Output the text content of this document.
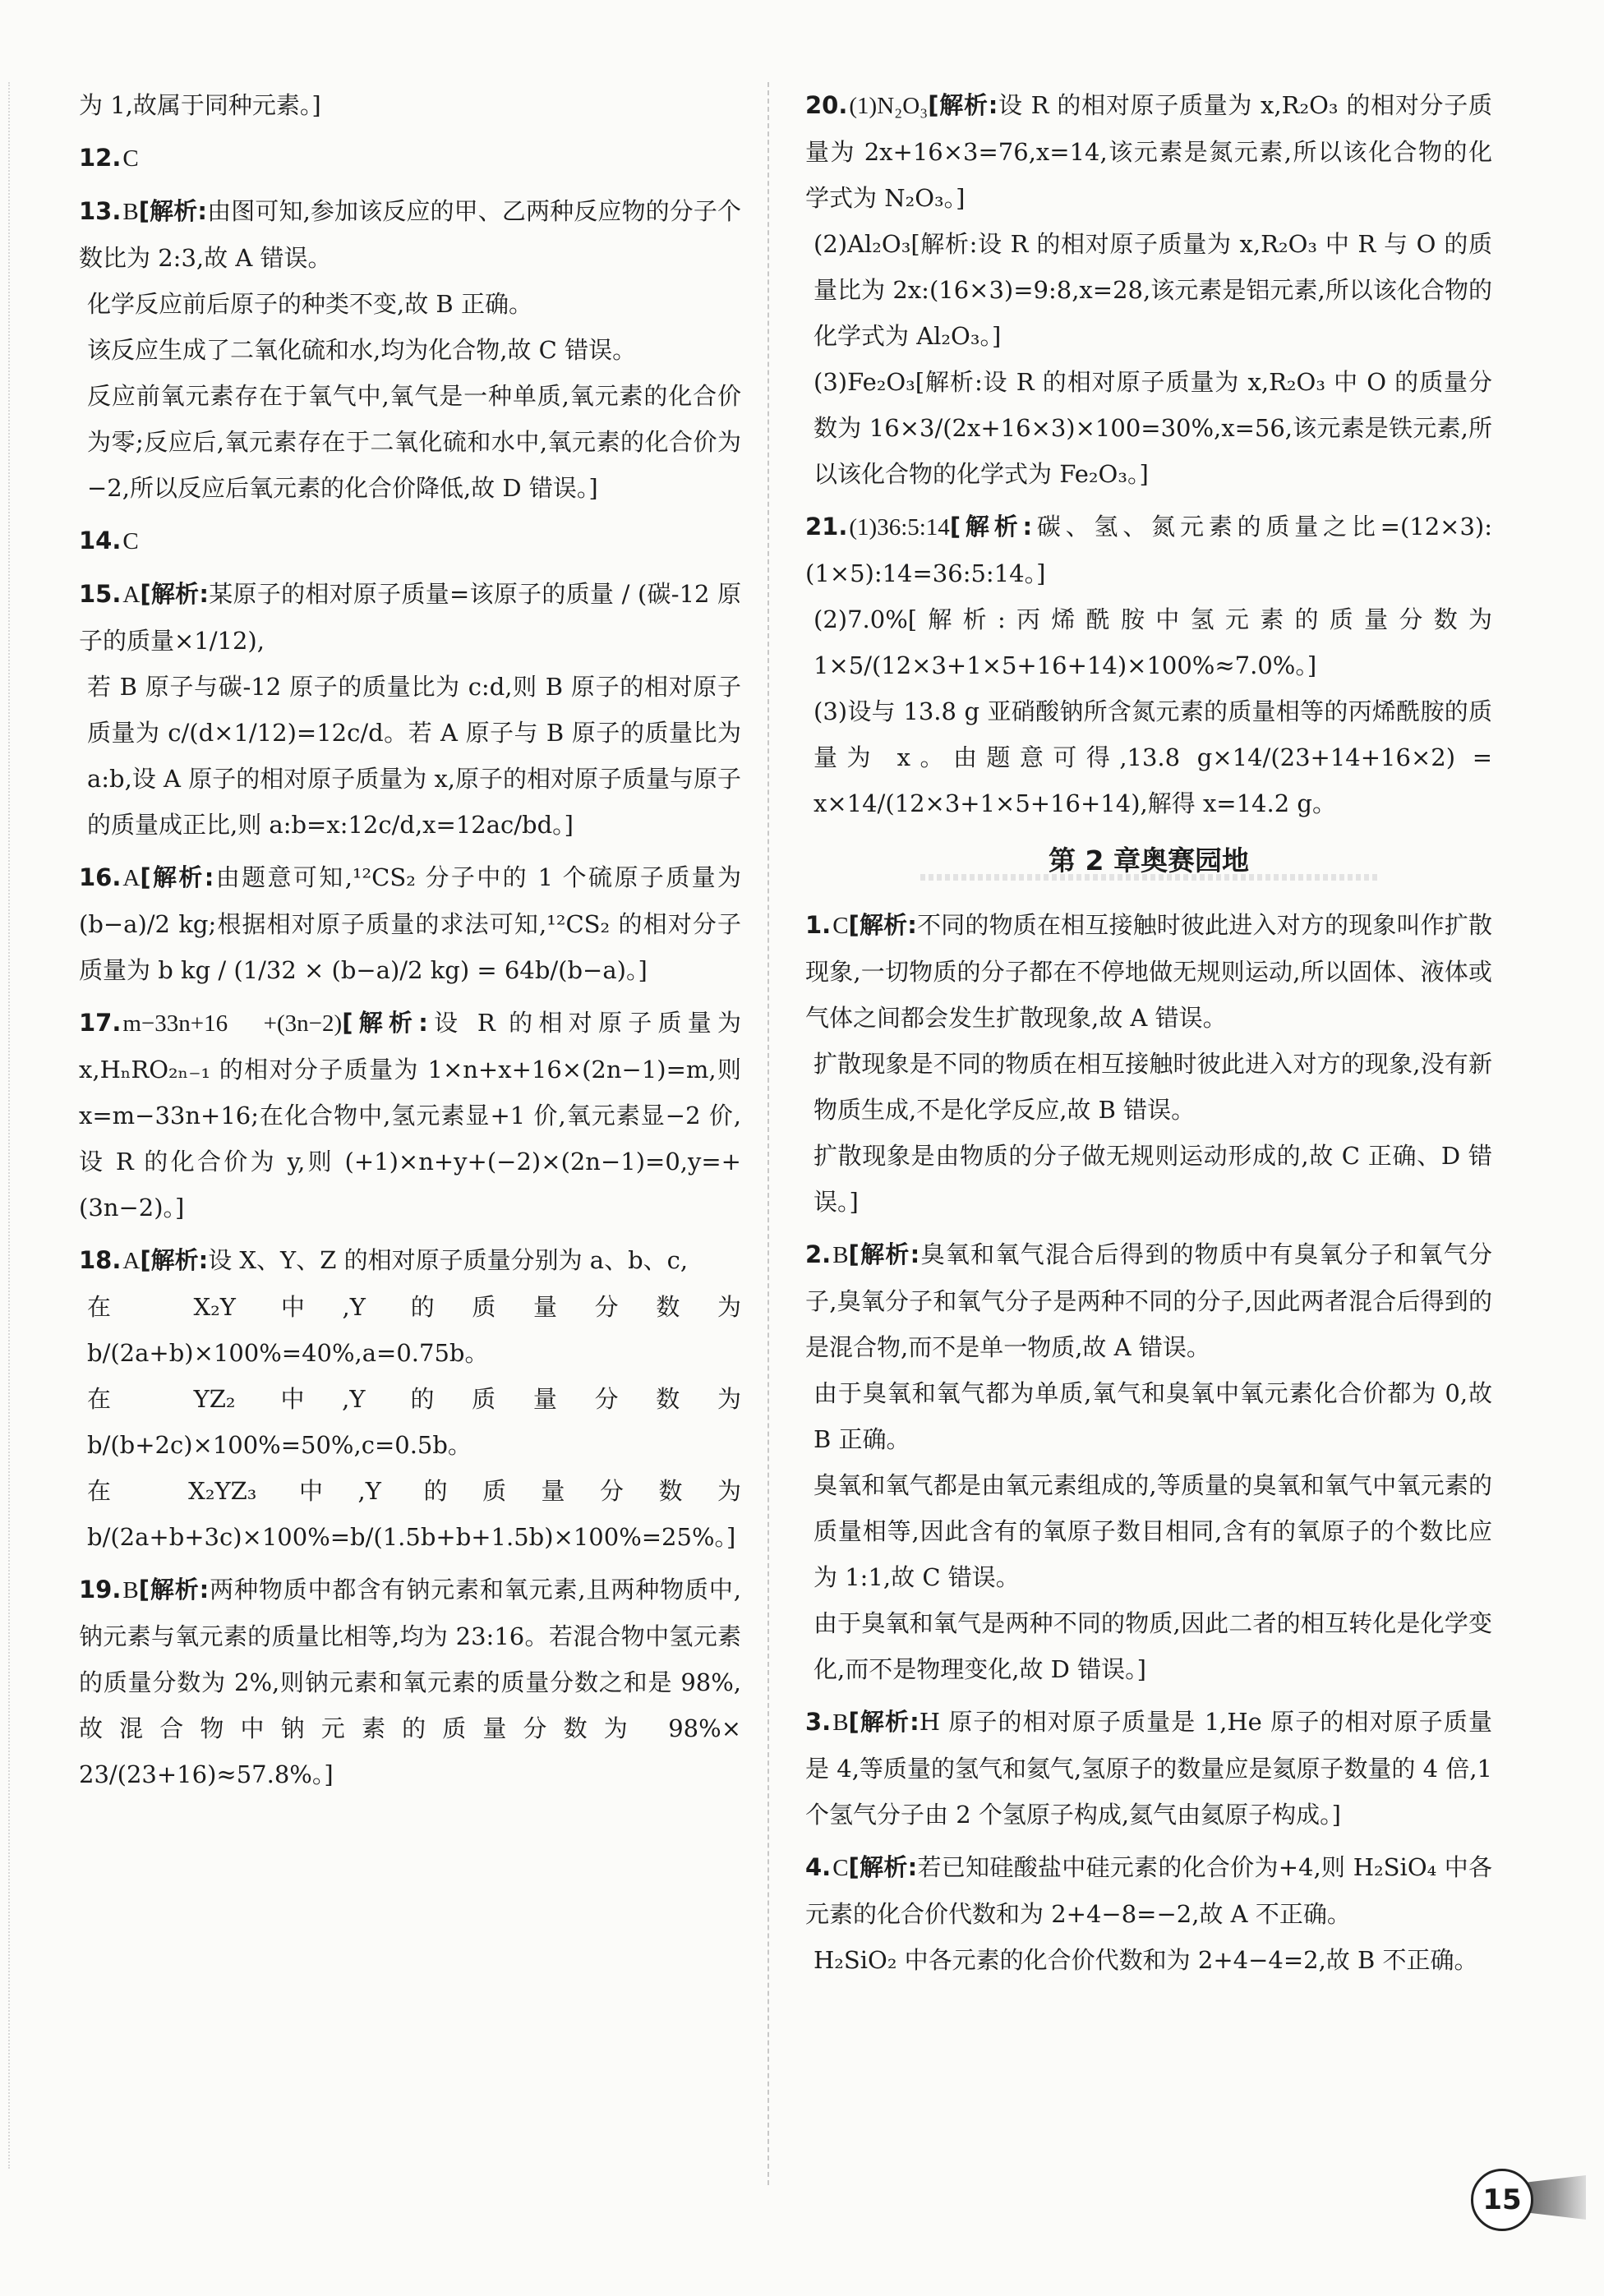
为 1,故属于同种元素。]
12.C
13.B[解析:由图可知,参加该反应的甲、乙两种反应物的分子个数比为 2:3,故 A 错误。
化学反应前后原子的种类不变,故 B 正确。
该反应生成了二氧化硫和水,均为化合物,故 C 错误。
反应前氧元素存在于氧气中,氧气是一种单质,氧元素的化合价为零;反应后,氧元素存在于二氧化硫和水中,氧元素的化合价为−2,所以反应后氧元素的化合价降低,故 D 错误。]
14.C
15.A[解析:某原子的相对原子质量=该原子的质量 / (碳-12 原子的质量×1/12),
若 B 原子与碳-12 原子的质量比为 c:d,则 B 原子的相对原子质量为 c/(d×1/12)=12c/d。若 A 原子与 B 原子的质量比为 a:b,设 A 原子的相对原子质量为 x,原子的相对原子质量与原子的质量成正比,则 a:b=x:12c/d,x=12ac/bd。]
16.A[解析:由题意可知,¹²CS₂ 分子中的 1 个硫原子质量为 (b−a)/2 kg;根据相对原子质量的求法可知,¹²CS₂ 的相对分子质量为 b kg / (1/32 × (b−a)/2 kg) = 64b/(b−a)。]
17.m−33n+16　+(3n−2)[解析:设 R 的相对原子质量为 x,HₙRO₂ₙ₋₁ 的相对分子质量为 1×n+x+16×(2n−1)=m,则 x=m−33n+16;在化合物中,氢元素显+1 价,氧元素显−2 价,设 R 的化合价为 y,则 (+1)×n+y+(−2)×(2n−1)=0,y=+(3n−2)。]
18.A[解析:设 X、Y、Z 的相对原子质量分别为 a、b、c,
在 X₂Y 中,Y 的质量分数为 b/(2a+b)×100%=40%,a=0.75b。
在 YZ₂ 中,Y 的质量分数为 b/(b+2c)×100%=50%,c=0.5b。
在 X₂YZ₃ 中,Y 的质量分数为 b/(2a+b+3c)×100%=b/(1.5b+b+1.5b)×100%=25%。]
19.B[解析:两种物质中都含有钠元素和氧元素,且两种物质中,钠元素与氧元素的质量比相等,均为 23:16。若混合物中氢元素的质量分数为 2%,则钠元素和氧元素的质量分数之和是 98%,故混合物中钠元素的质量分数为 98%× 23/(23+16)≈57.8%。]
20.(1)N₂O₃[解析:设 R 的相对原子质量为 x,R₂O₃ 的相对分子质量为 2x+16×3=76,x=14,该元素是氮元素,所以该化合物的化学式为 N₂O₃。]
(2)Al₂O₃[解析:设 R 的相对原子质量为 x,R₂O₃ 中 R 与 O 的质量比为 2x:(16×3)=9:8,x=28,该元素是铝元素,所以该化合物的化学式为 Al₂O₃。]
(3)Fe₂O₃[解析:设 R 的相对原子质量为 x,R₂O₃ 中 O 的质量分数为 16×3/(2x+16×3)×100=30%,x=56,该元素是铁元素,所以该化合物的化学式为 Fe₂O₃。]
21.(1)36:5:14[解析:碳、氢、氮元素的质量之比=(12×3):(1×5):14=36:5:14。]
(2)7.0%[解析:丙烯酰胺中氢元素的质量分数为 1×5/(12×3+1×5+16+14)×100%≈7.0%。]
(3)设与 13.8 g 亚硝酸钠所含氮元素的质量相等的丙烯酰胺的质量为 x。由题意可得,13.8 g×14/(23+14+16×2) = x×14/(12×3+1×5+16+14),解得 x=14.2 g。
第 2 章奥赛园地
1.C[解析:不同的物质在相互接触时彼此进入对方的现象叫作扩散现象,一切物质的分子都在不停地做无规则运动,所以固体、液体或气体之间都会发生扩散现象,故 A 错误。
扩散现象是不同的物质在相互接触时彼此进入对方的现象,没有新物质生成,不是化学反应,故 B 错误。
扩散现象是由物质的分子做无规则运动形成的,故 C 正确、D 错误。]
2.B[解析:臭氧和氧气混合后得到的物质中有臭氧分子和氧气分子,臭氧分子和氧气分子是两种不同的分子,因此两者混合后得到的是混合物,而不是单一物质,故 A 错误。
由于臭氧和氧气都为单质,氧气和臭氧中氧元素化合价都为 0,故 B 正确。
臭氧和氧气都是由氧元素组成的,等质量的臭氧和氧气中氧元素的质量相等,因此含有的氧原子数目相同,含有的氧原子的个数比应为 1:1,故 C 错误。
由于臭氧和氧气是两种不同的物质,因此二者的相互转化是化学变化,而不是物理变化,故 D 错误。]
3.B[解析:H 原子的相对原子质量是 1,He 原子的相对原子质量是 4,等质量的氢气和氦气,氢原子的数量应是氦原子数量的 4 倍,1 个氢气分子由 2 个氢原子构成,氦气由氦原子构成。]
4.C[解析:若已知硅酸盐中硅元素的化合价为+4,则 H₂SiO₄ 中各元素的化合价代数和为 2+4−8=−2,故 A 不正确。
H₂SiO₂ 中各元素的化合价代数和为 2+4−4=2,故 B 不正确。
15
